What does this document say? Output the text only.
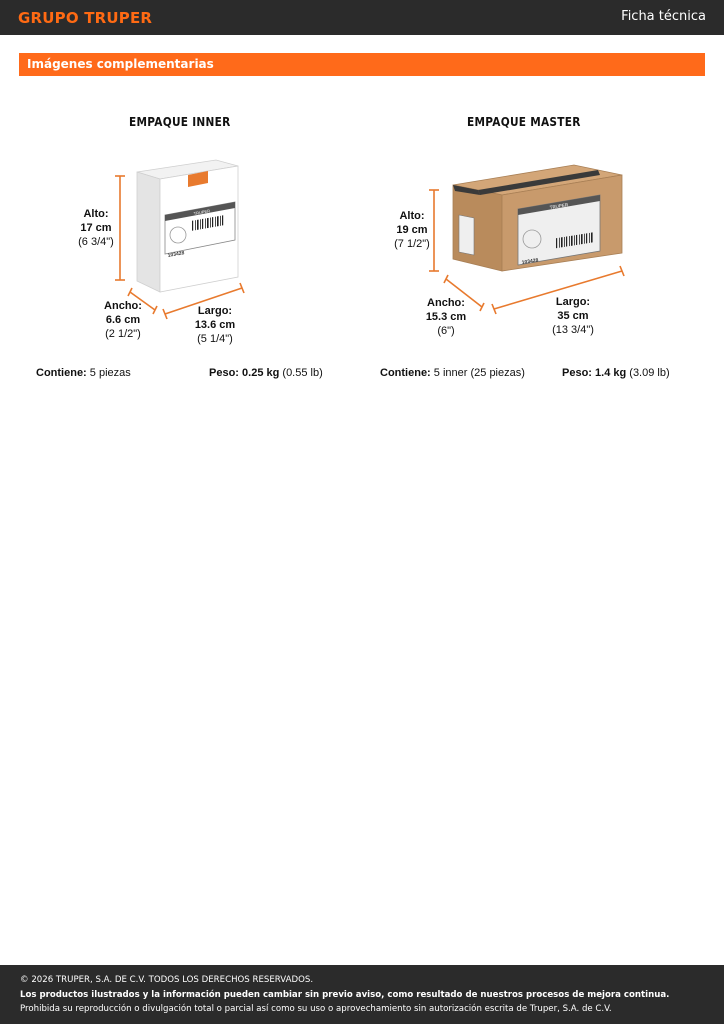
GRUPO TRUPER	Ficha técnica
Imágenes complementarias
EMPAQUE INNER
TRUPER
103428
Alto:
17 cm
(6 3/4")
Ancho:
6.6 cm
(2 1/2")
Largo:
13.6 cm
(5 1/4")
Contiene: 5 piezas	Peso: 0.25 kg (0.55 lb)
EMPAQUE MASTER
TRUPER
103428
Alto:
19 cm
(7 1/2")
Ancho:
15.3 cm
(6")
Largo:
35 cm
(13 3/4")
Contiene: 5 inner (25 piezas)	Peso: 1.4 kg (3.09 lb)
© 2026 TRUPER, S.A. DE C.V. TODOS LOS DERECHOS RESERVADOS.
Los productos ilustrados y la información pueden cambiar sin previo aviso, como resultado de nuestros procesos de mejora continua.
Prohibida su reproducción o divulgación total o parcial así como su uso o aprovechamiento sin autorización escrita de Truper, S.A. de C.V.
